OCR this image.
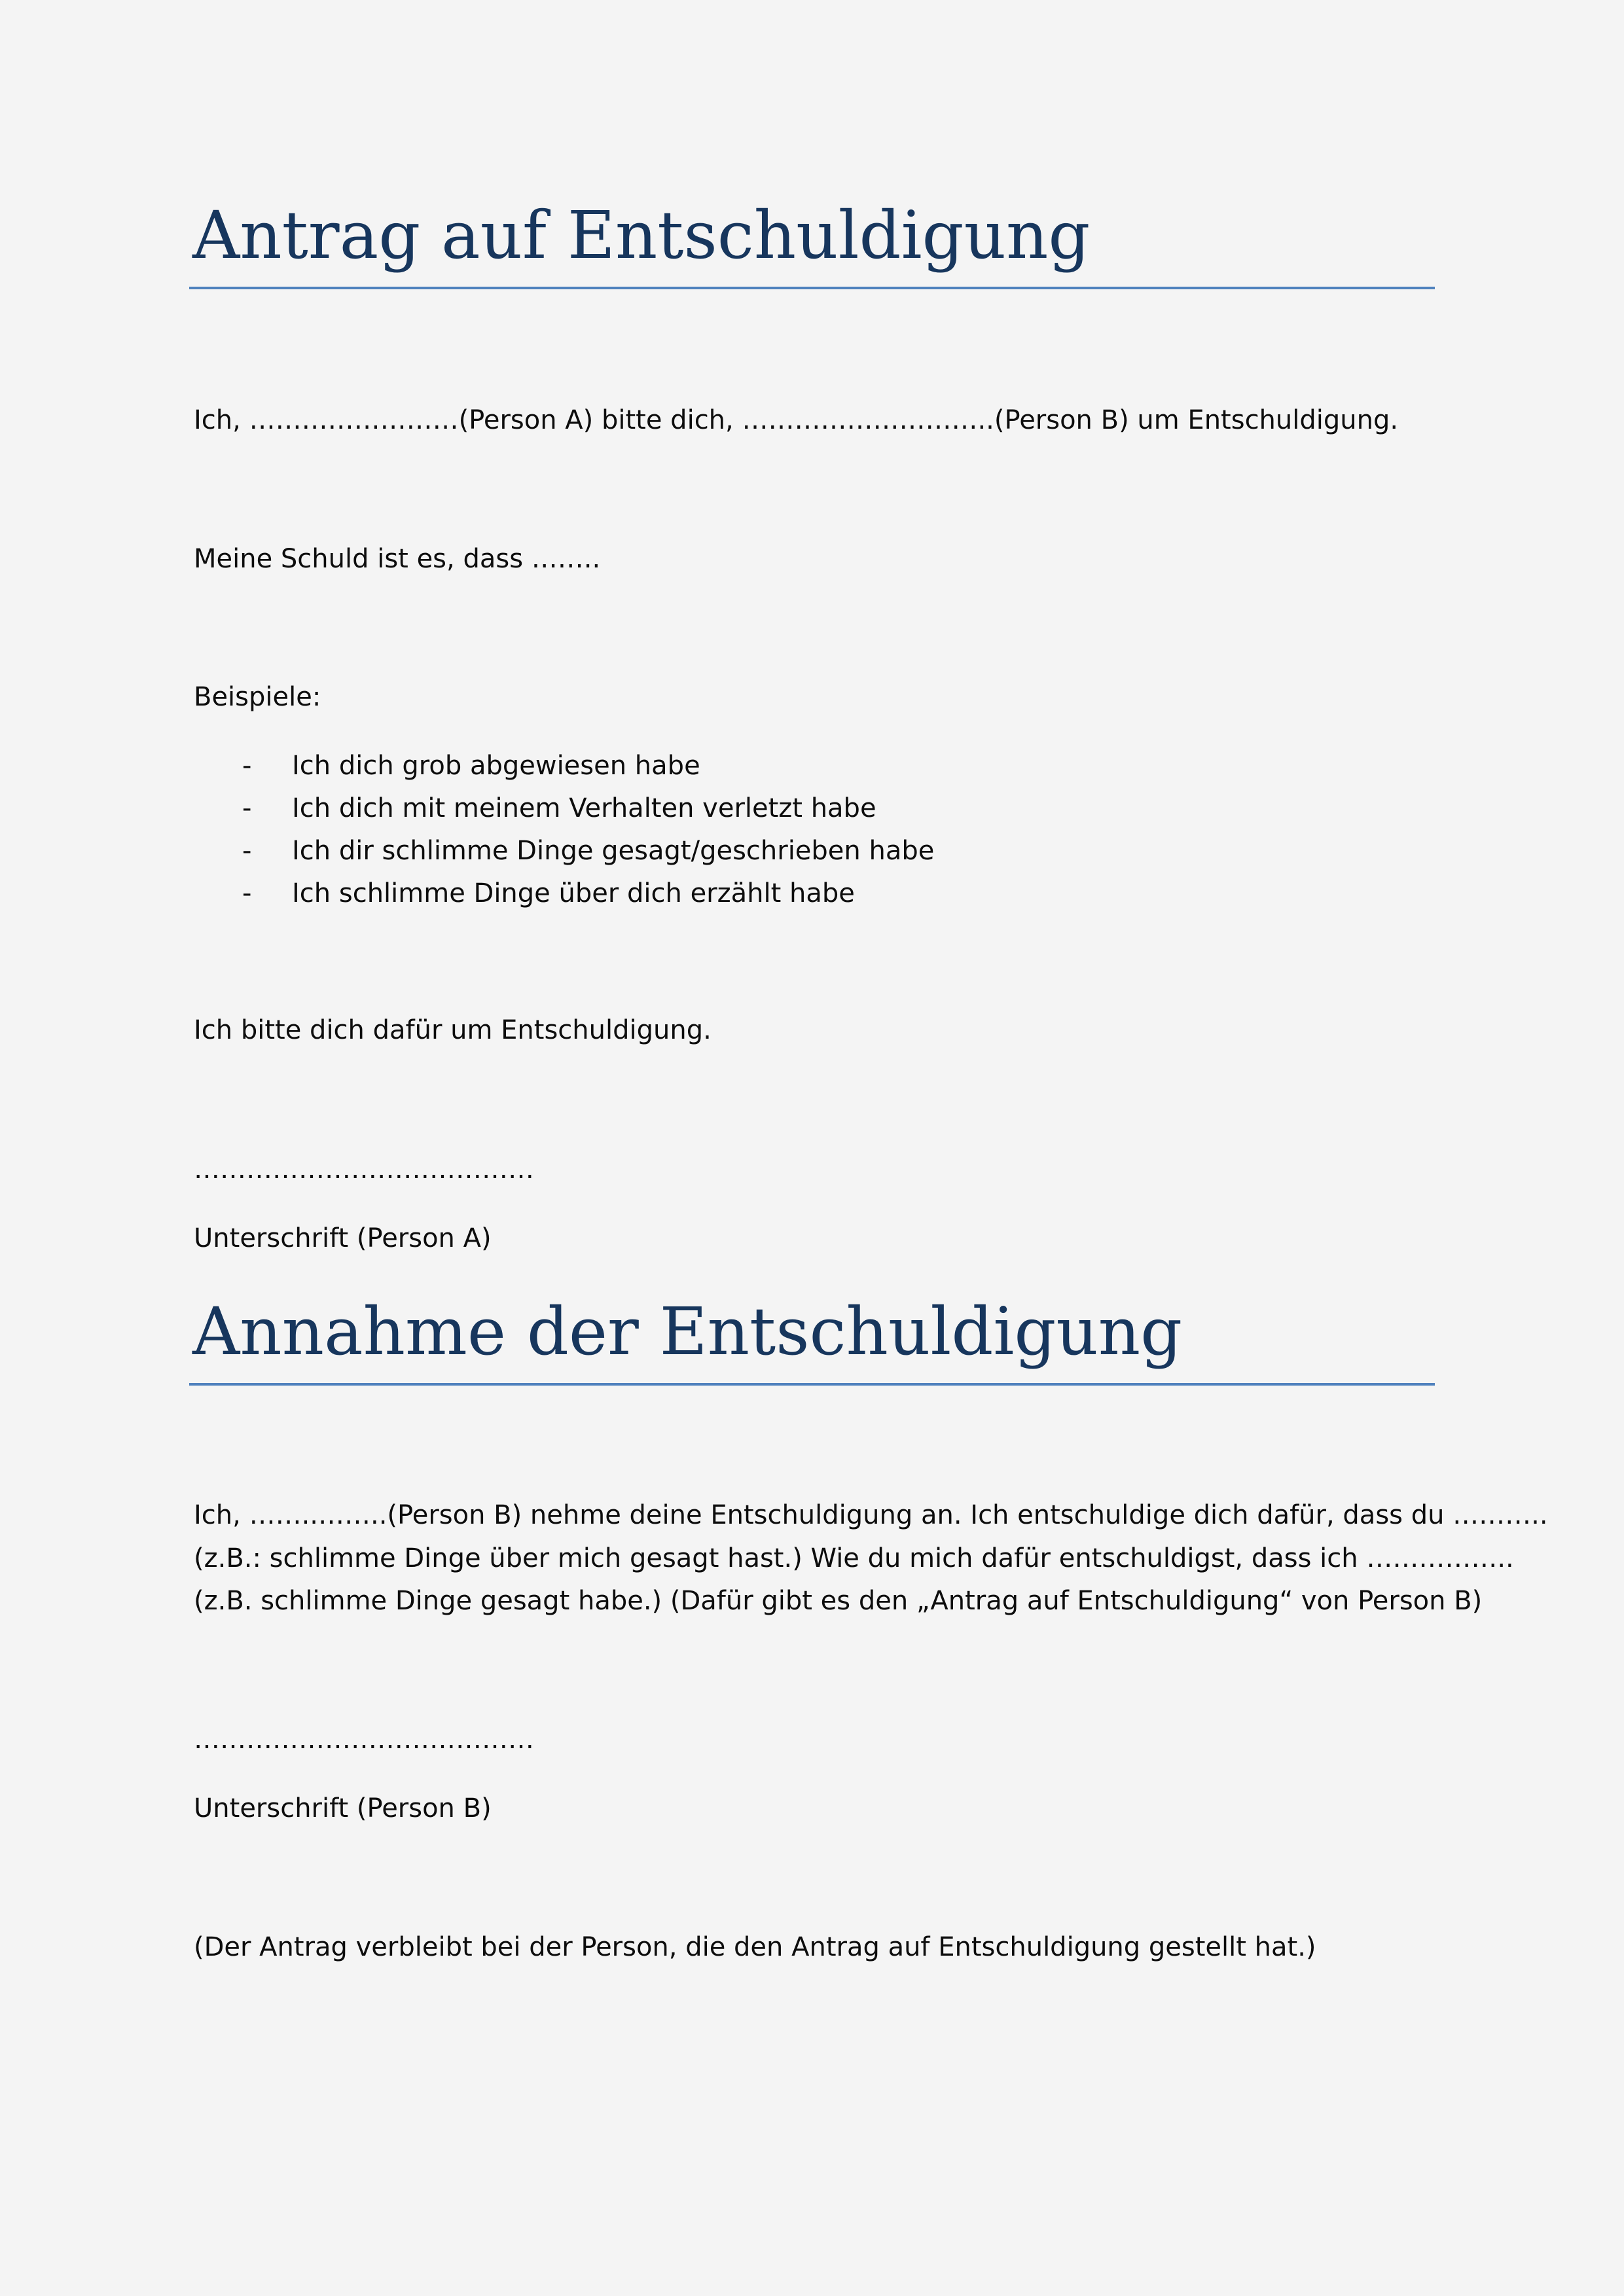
Antrag auf Entschuldigung

Ich, ……………………(Person A) bitte dich, ………………………..(Person B) um Entschuldigung.

Meine Schuld ist es, dass ……..

Beispiele:

- Ich dich grob abgewiesen habe
- Ich dich mit meinem Verhalten verletzt habe
- Ich dir schlimme Dinge gesagt/geschrieben habe
- Ich schlimme Dinge über dich erzählt habe

Ich bitte dich dafür um Entschuldigung.

…………………………………

Unterschrift (Person A)

Annahme der Entschuldigung

Ich, ……..……..(Person B) nehme deine Entschuldigung an. Ich entschuldige dich dafür, dass du ………..

(z.B.: schlimme Dinge über mich gesagt hast.) Wie du mich dafür entschuldigst, dass ich ……………..

(z.B. schlimme Dinge gesagt habe.) (Dafür gibt es den „Antrag auf Entschuldigung“ von Person B)

…………………………………

Unterschrift (Person B)

(Der Antrag verbleibt bei der Person, die den Antrag auf Entschuldigung gestellt hat.)
